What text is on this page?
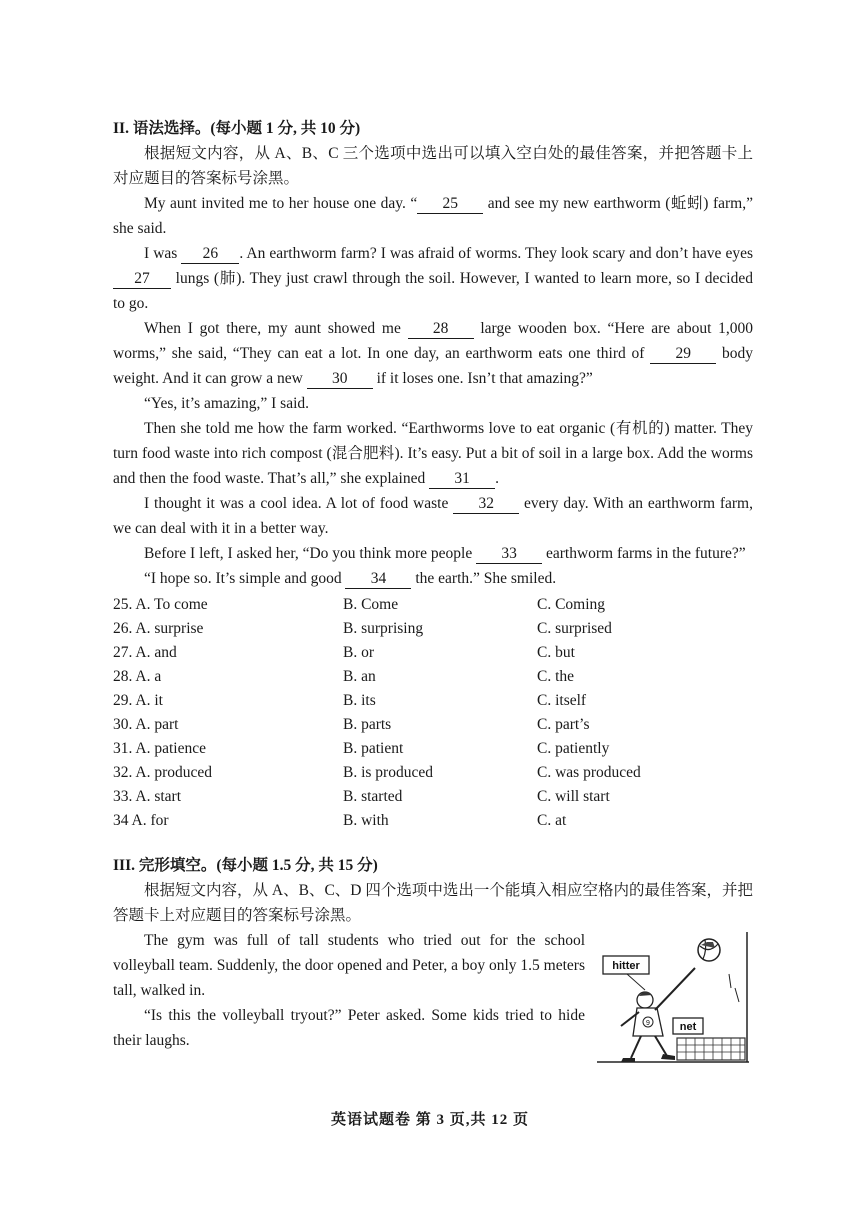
II. 语法选择。(每小题 1 分, 共 10 分)

根据短文内容，从 A、B、C 三个选项中选出可以填入空白处的最佳答案，并把答题卡上对应题目的答案标号涂黑。

My aunt invited me to her house one day. “ 25 and see my new earthworm (蚯蚓) farm,” she said.

I was 26 . An earthworm farm? I was afraid of worms. They look scary and don’t have eyes 27 lungs (肺). They just crawl through the soil. However, I wanted to learn more, so I decided to go.

When I got there, my aunt showed me 28 large wooden box. “Here are about 1,000 worms,” she said, “They can eat a lot. In one day, an earthworm eats one third of 29 body weight. And it can grow a new 30 if it loses one. Isn’t that amazing?”

“Yes, it’s amazing,” I said.

Then she told me how the farm worked. “Earthworms love to eat organic (有机的) matter. They turn food waste into rich compost (混合肥料). It’s easy. Put a bit of soil in a large box. Add the worms and then the food waste. That’s all,” she explained 31 .

I thought it was a cool idea. A lot of food waste 32 every day. With an earthworm farm, we can deal with it in a better way.

Before I left, I asked her, “Do you think more people 33 earthworm farms in the future?”

“I hope so. It’s simple and good 34 the earth.” She smiled.

25. A. To come	B. Come	C. Coming
26. A. surprise	B. surprising	C. surprised
27. A. and	B. or	C. but
28. A. a	B. an	C. the
29. A. it	B. its	C. itself
30. A. part	B. parts	C. part’s
31. A. patience	B. patient	C. patiently
32. A. produced	B. is produced	C. was produced
33. A. start	B. started	C. will start
34 A. for	B. with	C. at
III. 完形填空。(每小题 1.5 分, 共 15 分)

根据短文内容，从 A、B、C、D 四个选项中选出一个能填入相应空格内的最佳答案，并把答题卡上对应题目的答案标号涂黑。

The gym was full of tall students who tried out for the school volleyball team. Suddenly, the door opened and Peter, a boy only 1.5 meters tall, walked in.

“Is this the volleyball tryout?” Peter asked. Some kids tried to hide their laughs.

hitter
9	net
英语试题卷 第 3 页,共 12 页
